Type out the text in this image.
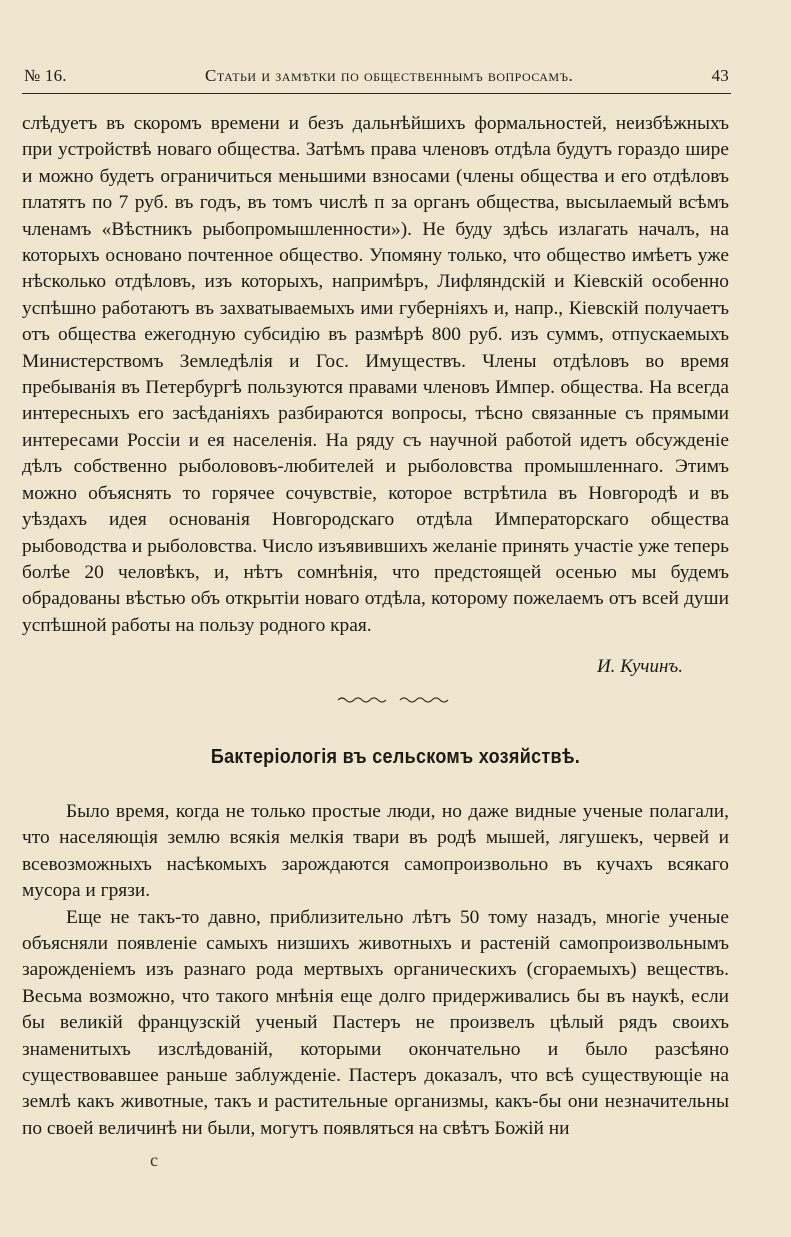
№ 16.	Статьи и замѣтки по общественнымъ вопросамъ.	43

слѣдуетъ въ скоромъ времени и безъ дальнѣйшихъ формальностей, неизбѣжныхъ при устройствѣ новаго общества. Затѣмъ права членовъ отдѣла будутъ гораздо шире и можно будетъ ограничиться меньшими взносами (члены общества и его отдѣловъ платятъ по 7 руб. въ годъ, въ томъ числѣ п за органъ общества, высылаемый всѣмъ членамъ «Вѣстникъ рыбопромышленности»). Не буду здѣсь излагать началъ, на которыхъ основано почтенное общество. Упомяну только, что общество имѣетъ уже нѣсколько отдѣловъ, изъ которыхъ, напримѣръ, Лифляндскій и Кіевскій особенно успѣшно работаютъ въ захватываемыхъ ими губерніяхъ и, напр., Кіевскій получаетъ отъ общества ежегодную субсидію въ размѣрѣ 800 руб. изъ суммъ, отпускаемыхъ Министерствомъ Земледѣлія и Гос. Имуществъ. Члены отдѣловъ во время пребыванія въ Петербургѣ пользуются правами членовъ Импер. общества. На всегда интересныхъ его засѣданіяхъ разбираются вопросы, тѣсно связанные съ прямыми интересами Россіи и ея населенія. На ряду съ научной работой идетъ обсужденіе дѣлъ собственно рыболововъ-любителей и рыболовства промышленнаго. Этимъ можно объяснять то горячее сочувствіе, которое встрѣтила въ Новгородѣ и въ уѣздахъ идея основанія Новгородскаго отдѣла Императорскаго общества рыбоводства и рыболовства. Число изъявившихъ желаніе принять участіе уже теперь болѣе 20 человѣкъ, и, нѣтъ сомнѣнія, что предстоящей осенью мы будемъ обрадованы вѣстью объ открытіи новаго отдѣла, которому пожелаемъ отъ всей души успѣшной работы на пользу родного края.

И. Кучинъ.
Бактеріологія въ сельскомъ хозяйствѣ.

Было время, когда не только простые люди, но даже видные ученые полагали, что населяющія землю всякія мелкія твари въ родѣ мышей, лягушекъ, червей и всевозможныхъ насѣкомыхъ зарождаются самопроизвольно въ кучахъ всякаго мусора и грязи.

Еще не такъ-то давно, приблизительно лѣтъ 50 тому назадъ, многіе ученые объясняли появленіе самыхъ низшихъ животныхъ и растеній самопроизвольнымъ зарожденіемъ изъ разнаго рода мертвыхъ органическихъ (сгораемыхъ) веществъ. Весьма возможно, что такого мнѣнія еще долго придерживались бы въ наукѣ, если бы великій французскій ученый Пастеръ не произвелъ цѣлый рядъ своихъ знаменитыхъ изслѣдованій, которыми окончательно и было разсѣяно существовавшее раньше заблужденіе. Пастеръ доказалъ, что всѣ существующіе на землѣ какъ животные, такъ и растительные организмы, какъ-бы они незначительны по своей величинѣ ни были, могутъ появляться на свѣтъ Божій ни

с
